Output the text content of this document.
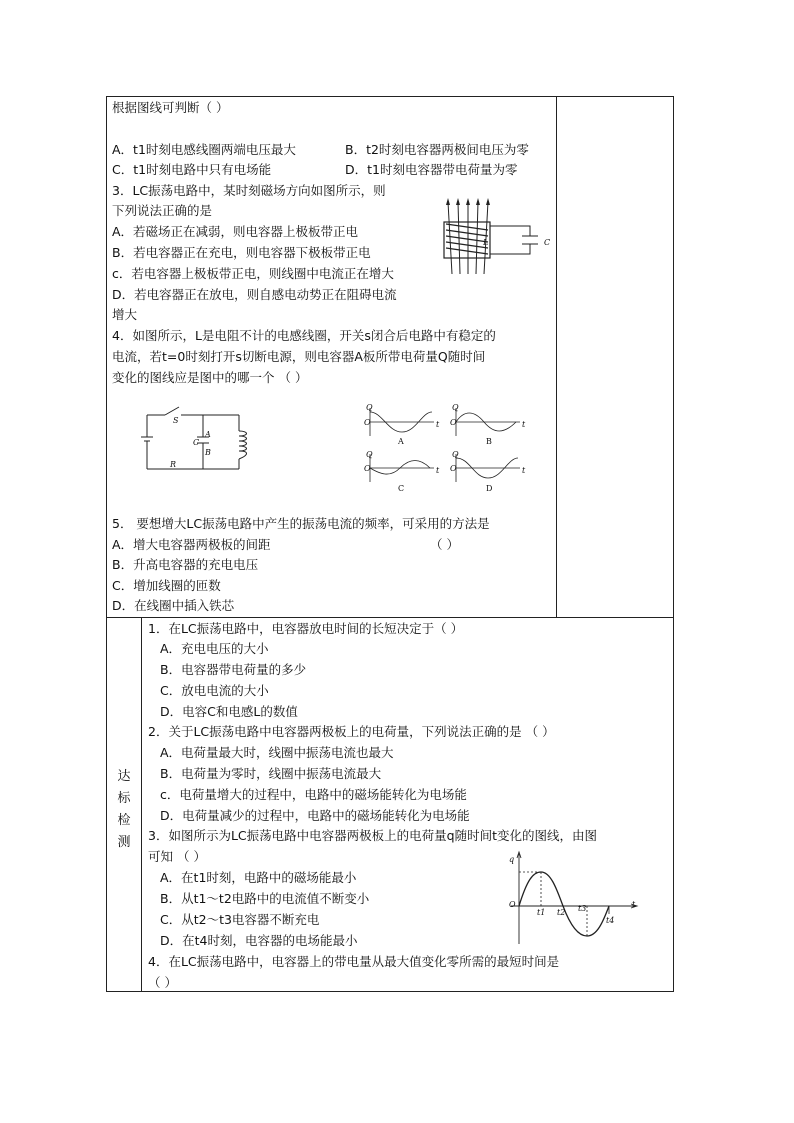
根据图线可判断（ ）
A．t1时刻电感线圈两端电压最大	B．t2时刻电容器两极间电压为零
C．t1时刻电路中只有电场能	D．t1时刻电容器带电荷量为零
3．LC振荡电路中，某时刻磁场方向如图所示，则
下列说法正确的是
A．若磁场正在减弱，则电容器上极板带正电
B．若电容器正在充电，则电容器下极板带正电
c．若电容器上极板带正电，则线圈中电流正在增大
D．若电容器正在放电，则自感电动势正在阻碍电流
增大
L	C
4．如图所示，L是电阻不计的电感线圈，开关s闭合后电路中有稳定的
电流，若t=0时刻打开s切断电源，则电容器A板所带电荷量Q随时间
变化的图线应是图中的哪一个 （ ）
S
C
A
B
R
Q
O	t
A
Q
O	t
B
Q
O	t
C
Q
O	t
D
5． 要想增大LC振荡电路中产生的振荡电流的频率，可采用的方法是
A．增大电容器两极板的间距	（ ）
B．升高电容器的充电电压
C．增加线圈的匝数
D．在线圈中插入铁芯
达
标
检
测
1．在LC振荡电路中，电容器放电时间的长短决定于（ ）
A．充电电压的大小
B．电容器带电荷量的多少
C．放电电流的大小
D．电容C和电感L的数值
2．关于LC振荡电路中电容器两极板上的电荷量，下列说法正确的是 （ ）
A．电荷量最大时，线圈中振荡电流也最大
B．电荷量为零时，线圈中振荡电流最大
c．电荷量增大的过程中，电路中的磁场能转化为电场能
D．电荷量减少的过程中，电路中的磁场能转化为电场能
3．如图所示为LC振荡电路中电容器两极板上的电荷量q随时间t变化的图线，由图
可知 （ ）
A．在t1时刻，电路中的磁场能最小
B．从t1～t2电路中的电流值不断变小
C．从t2～t3电容器不断充电
D．在t4时刻，电容器的电场能最小
q
O	t
t1 t2 t3
t4
4．在LC振荡电路中，电容器上的带电量从最大值变化零所需的最短时间是
（ ）
